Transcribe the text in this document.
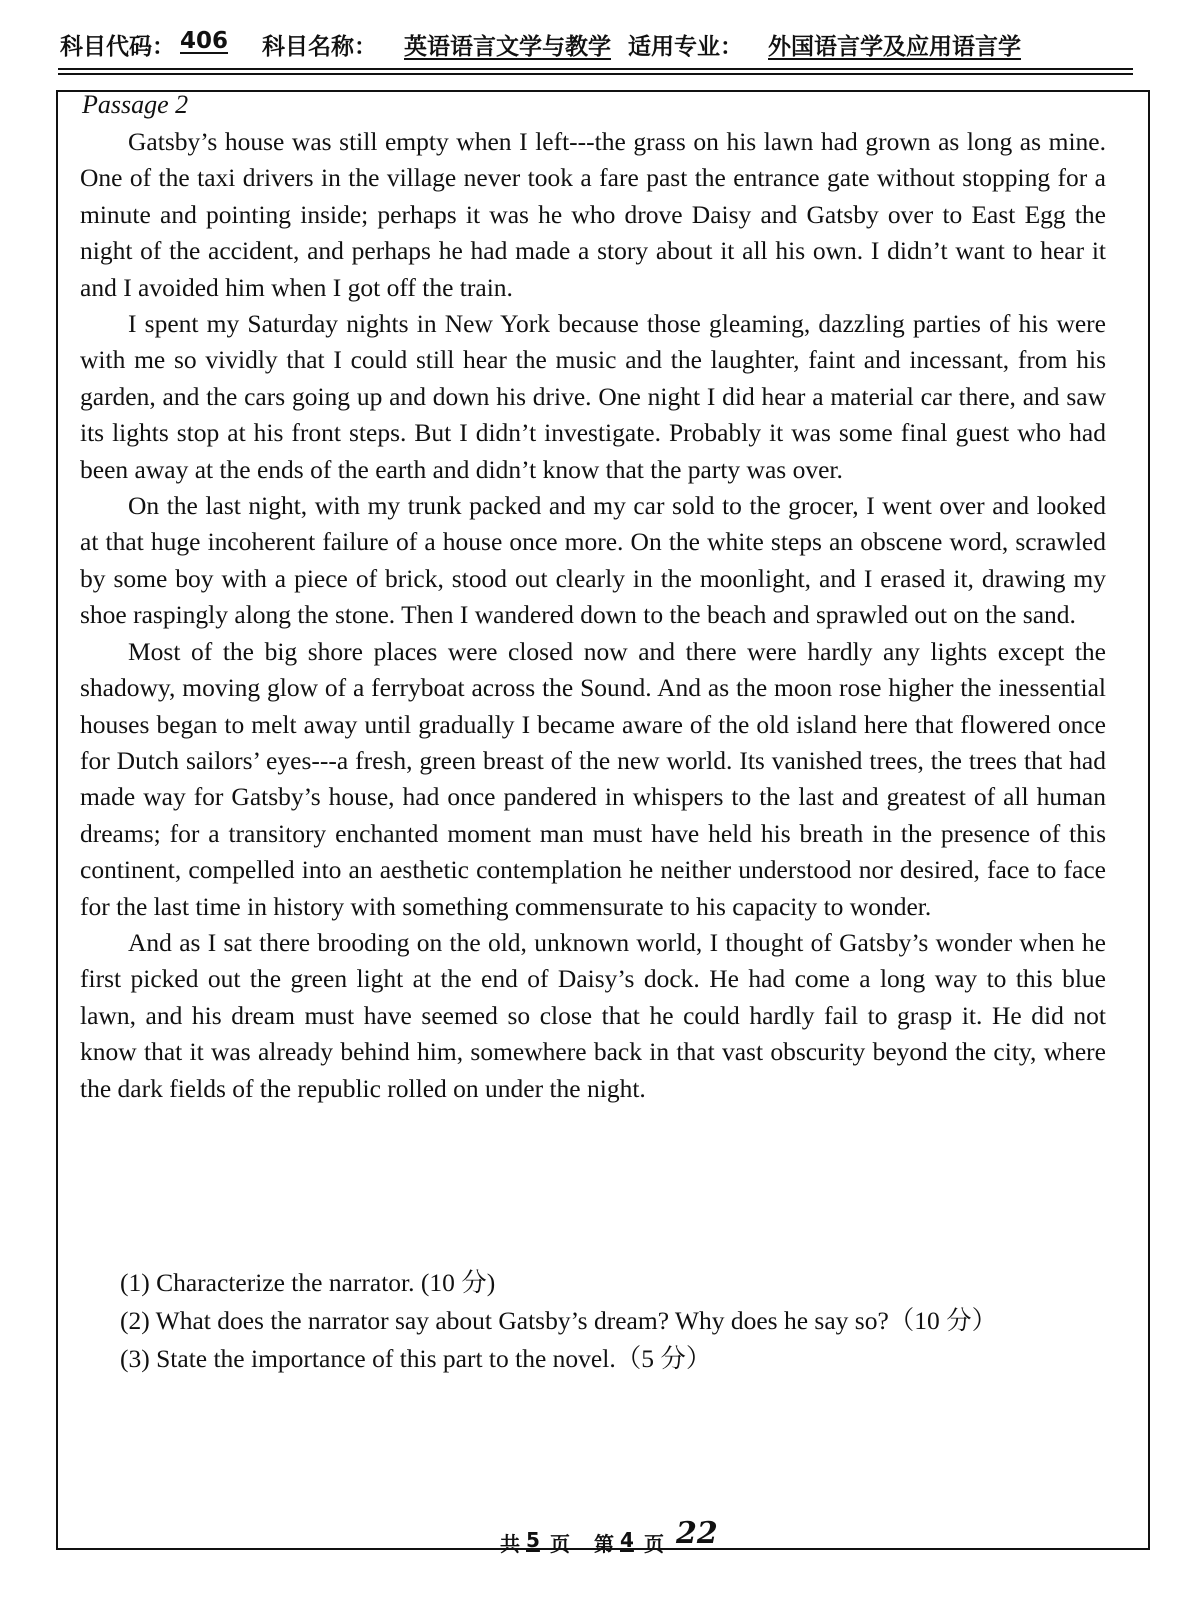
科目代码： 406 科目名称： 英语语言文学与教学 适用专业： 外国语言学及应用语言学
Passage 2

Gatsby’s house was still empty when I left---the grass on his lawn had grown as long as mine. One of the taxi drivers in the village never took a fare past the entrance gate without stopping for a minute and pointing inside; perhaps it was he who drove Daisy and Gatsby over to East Egg the night of the accident, and perhaps he had made a story about it all his own. I didn’t want to hear it and I avoided him when I got off the train.

I spent my Saturday nights in New York because those gleaming, dazzling parties of his were with me so vividly that I could still hear the music and the laughter, faint and incessant, from his garden, and the cars going up and down his drive. One night I did hear a material car there, and saw its lights stop at his front steps. But I didn’t investigate. Probably it was some final guest who had been away at the ends of the earth and didn’t know that the party was over.

On the last night, with my trunk packed and my car sold to the grocer, I went over and looked at that huge incoherent failure of a house once more. On the white steps an obscene word, scrawled by some boy with a piece of brick, stood out clearly in the moonlight, and I erased it, drawing my shoe raspingly along the stone. Then I wandered down to the beach and sprawled out on the sand.

Most of the big shore places were closed now and there were hardly any lights except the shadowy, moving glow of a ferryboat across the Sound. And as the moon rose higher the inessential houses began to melt away until gradually I became aware of the old island here that flowered once for Dutch sailors’ eyes---a fresh, green breast of the new world. Its vanished trees, the trees that had made way for Gatsby’s house, had once pandered in whispers to the last and greatest of all human dreams; for a transitory enchanted moment man must have held his breath in the presence of this continent, compelled into an aesthetic contemplation he neither understood nor desired, face to face for the last time in history with something commensurate to his capacity to wonder.

And as I sat there brooding on the old, unknown world, I thought of Gatsby’s wonder when he first picked out the green light at the end of Daisy’s dock. He had come a long way to this blue lawn, and his dream must have seemed so close that he could hardly fail to grasp it. He did not know that it was already behind him, somewhere back in that vast obscurity beyond the city, where the dark fields of the republic rolled on under the night.

(1) Characterize the narrator. (10 分)
(2) What does the narrator say about Gatsby’s dream? Why does he say so?（10 分）
(3) State the importance of this part to the novel.（5 分）
共 5 页 第 4 页 22
